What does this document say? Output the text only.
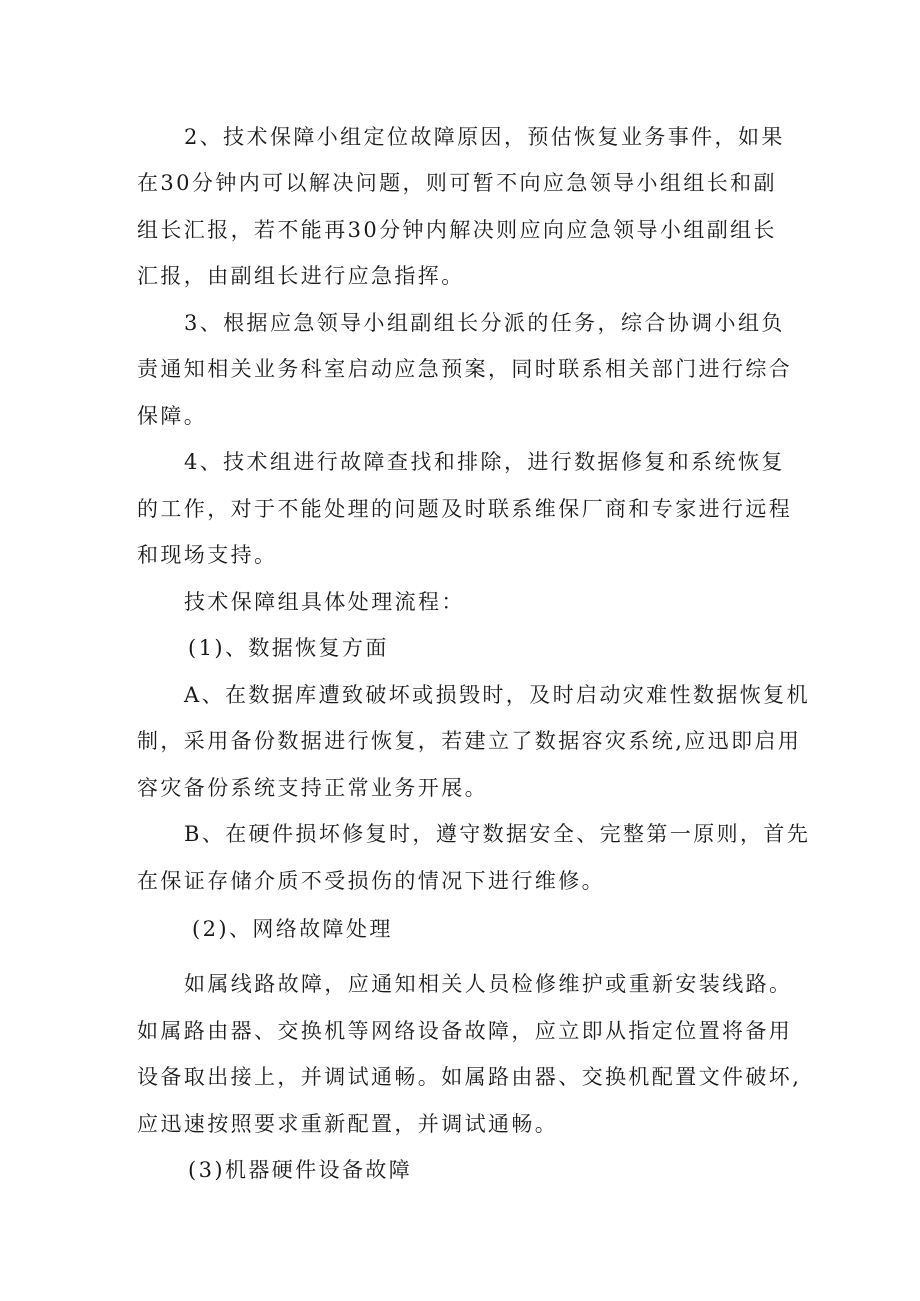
2、技术保障小组定位故障原因，预估恢复业务事件，如果
在30分钟内可以解决问题，则可暂不向应急领导小组组长和副
组长汇报，若不能再30分钟内解决则应向应急领导小组副组长
汇报，由副组长进行应急指挥。
3、根据应急领导小组副组长分派的任务，综合协调小组负
责通知相关业务科室启动应急预案，同时联系相关部门进行综合
保障。
4、技术组进行故障查找和排除，进行数据修复和系统恢复
的工作，对于不能处理的问题及时联系维保厂商和专家进行远程
和现场支持。
技术保障组具体处理流程：
(1)、数据恢复方面
A、在数据库遭致破坏或损毁时，及时启动灾难性数据恢复机
制，采用备份数据进行恢复，若建立了数据容灾系统,应迅即启用
容灾备份系统支持正常业务开展。
B、在硬件损坏修复时，遵守数据安全、完整第一原则，首先
在保证存储介质不受损伤的情况下进行维修。
(2)、网络故障处理
如属线路故障，应通知相关人员检修维护或重新安装线路。
如属路由器、交换机等网络设备故障，应立即从指定位置将备用
设备取出接上，并调试通畅。如属路由器、交换机配置文件破坏,
应迅速按照要求重新配置，并调试通畅。
(3)机器硬件设备故障
